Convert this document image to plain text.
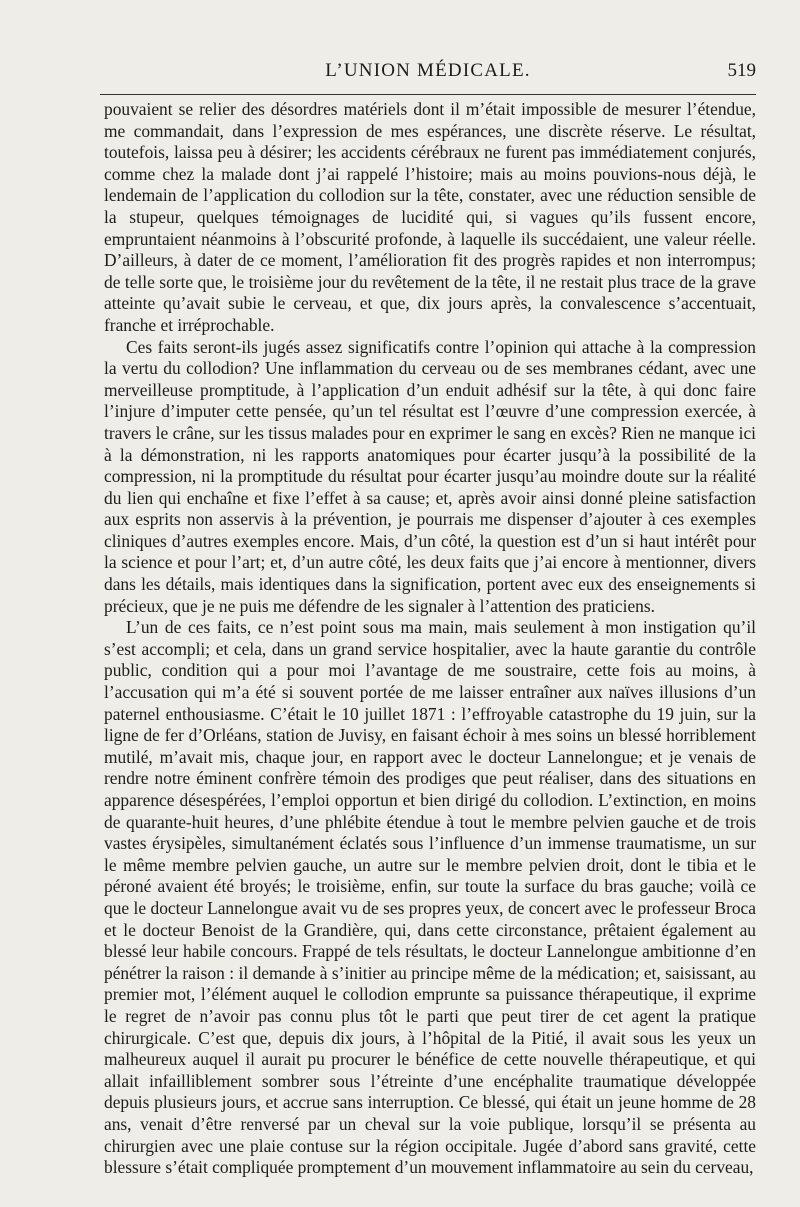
L’UNION MÉDICALE.	519

pouvaient se relier des désordres matériels dont il m’était impossible de mesurer l’étendue, me commandait, dans l’expression de mes espérances, une discrète réserve. Le résultat, toutefois, laissa peu à désirer; les accidents cérébraux ne furent pas immédiatement conjurés, comme chez la malade dont j’ai rappelé l’histoire; mais au moins pouvions-nous déjà, le lendemain de l’application du collodion sur la tête, constater, avec une réduction sensible de la stupeur, quelques témoignages de lucidité qui, si vagues qu’ils fussent encore, empruntaient néanmoins à l’obscurité profonde, à laquelle ils succédaient, une valeur réelle. D’ailleurs, à dater de ce moment, l’amélioration fit des progrès rapides et non interrompus; de telle sorte que, le troisième jour du revêtement de la tête, il ne restait plus trace de la grave atteinte qu’avait subie le cerveau, et que, dix jours après, la convalescence s’accentuait, franche et irréprochable.

Ces faits seront-ils jugés assez significatifs contre l’opinion qui attache à la compression la vertu du collodion? Une inflammation du cerveau ou de ses membranes cédant, avec une merveilleuse promptitude, à l’application d’un enduit adhésif sur la tête, à qui donc faire l’injure d’imputer cette pensée, qu’un tel résultat est l’œuvre d’une compression exercée, à travers le crâne, sur les tissus malades pour en exprimer le sang en excès? Rien ne manque ici à la démonstration, ni les rapports anatomiques pour écarter jusqu’à la possibilité de la compression, ni la promptitude du résultat pour écarter jusqu’au moindre doute sur la réalité du lien qui enchaîne et fixe l’effet à sa cause; et, après avoir ainsi donné pleine satisfaction aux esprits non asservis à la prévention, je pourrais me dispenser d’ajouter à ces exemples cliniques d’autres exemples encore. Mais, d’un côté, la question est d’un si haut intérêt pour la science et pour l’art; et, d’un autre côté, les deux faits que j’ai encore à mentionner, divers dans les détails, mais identiques dans la signification, portent avec eux des enseignements si précieux, que je ne puis me défendre de les signaler à l’attention des praticiens.

L’un de ces faits, ce n’est point sous ma main, mais seulement à mon instigation qu’il s’est accompli; et cela, dans un grand service hospitalier, avec la haute garantie du contrôle public, condition qui a pour moi l’avantage de me soustraire, cette fois au moins, à l’accusation qui m’a été si souvent portée de me laisser entraîner aux naïves illusions d’un paternel enthousiasme. C’était le 10 juillet 1871 : l’effroyable catastrophe du 19 juin, sur la ligne de fer d’Orléans, station de Juvisy, en faisant échoir à mes soins un blessé horriblement mutilé, m’avait mis, chaque jour, en rapport avec le docteur Lannelongue; et je venais de rendre notre éminent confrère témoin des prodiges que peut réaliser, dans des situations en apparence désespérées, l’emploi opportun et bien dirigé du collodion. L’extinction, en moins de quarante-huit heures, d’une phlébite étendue à tout le membre pelvien gauche et de trois vastes érysipèles, simultanément éclatés sous l’influence d’un immense traumatisme, un sur le même membre pelvien gauche, un autre sur le membre pelvien droit, dont le tibia et le péroné avaient été broyés; le troisième, enfin, sur toute la surface du bras gauche; voilà ce que le docteur Lannelongue avait vu de ses propres yeux, de concert avec le professeur Broca et le docteur Benoist de la Grandière, qui, dans cette circonstance, prêtaient également au blessé leur habile concours. Frappé de tels résultats, le docteur Lannelongue ambitionne d’en pénétrer la raison : il demande à s’initier au principe même de la médication; et, saisissant, au premier mot, l’élément auquel le collodion emprunte sa puissance thérapeutique, il exprime le regret de n’avoir pas connu plus tôt le parti que peut tirer de cet agent la pratique chirurgicale. C’est que, depuis dix jours, à l’hôpital de la Pitié, il avait sous les yeux un malheureux auquel il aurait pu procurer le bénéfice de cette nouvelle thérapeutique, et qui allait infailliblement sombrer sous l’étreinte d’une encéphalite traumatique développée depuis plusieurs jours, et accrue sans interruption. Ce blessé, qui était un jeune homme de 28 ans, venait d’être renversé par un cheval sur la voie publique, lorsqu’il se présenta au chirurgien avec une plaie contuse sur la région occipitale. Jugée d’abord sans gravité, cette blessure s’était compliquée promptement d’un mouvement inflammatoire au sein du cerveau,
